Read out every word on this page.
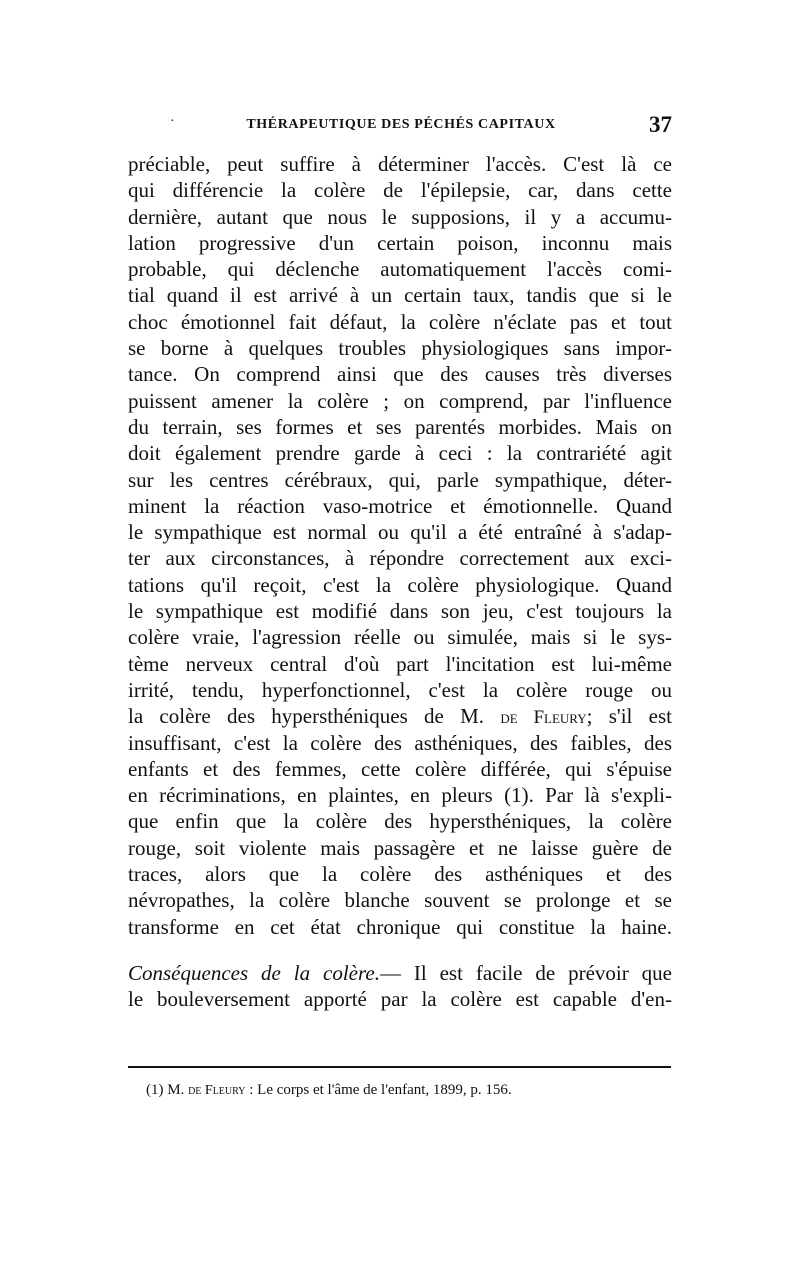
·	THÉRAPEUTIQUE DES PÉCHÉS CAPITAUX	37
préciable, peut suffire à déterminer l'accès. C'est là ce
qui différencie la colère de l'épilepsie, car, dans cette
dernière, autant que nous le supposions, il y a accumu-
lation progressive d'un certain poison, inconnu mais
probable, qui déclenche automatiquement l'accès comi-
tial quand il est arrivé à un certain taux, tandis que si le
choc émotionnel fait défaut, la colère n'éclate pas et tout
se borne à quelques troubles physiologiques sans impor-
tance. On comprend ainsi que des causes très diverses
puissent amener la colère ; on comprend, par l'influence
du terrain, ses formes et ses parentés morbides. Mais on
doit également prendre garde à ceci : la contrariété agit
sur les centres cérébraux, qui, parle sympathique, déter-
minent la réaction vaso-motrice et émotionnelle. Quand
le sympathique est normal ou qu'il a été entraîné à s'adap-
ter aux circonstances, à répondre correctement aux exci-
tations qu'il reçoit, c'est la colère physiologique. Quand
le sympathique est modifié dans son jeu, c'est toujours la
colère vraie, l'agression réelle ou simulée, mais si le sys-
tème nerveux central d'où part l'incitation est lui-même
irrité, tendu, hyperfonctionnel, c'est la colère rouge ou
la colère des hypersthéniques de M. de Fleury; s'il est
insuffisant, c'est la colère des asthéniques, des faibles, des
enfants et des femmes, cette colère différée, qui s'épuise
en récriminations, en plaintes, en pleurs (1). Par là s'expli-
que enfin que la colère des hypersthéniques, la colère
rouge, soit violente mais passagère et ne laisse guère de
traces, alors que la colère des asthéniques et des
névropathes, la colère blanche souvent se prolonge et se
transforme en cet état chronique qui constitue la haine.
Conséquences de la colère.— Il est facile de prévoir que
le bouleversement apporté par la colère est capable d'en-
(1) M. de Fleury : Le corps et l'âme de l'enfant, 1899, p. 156.
